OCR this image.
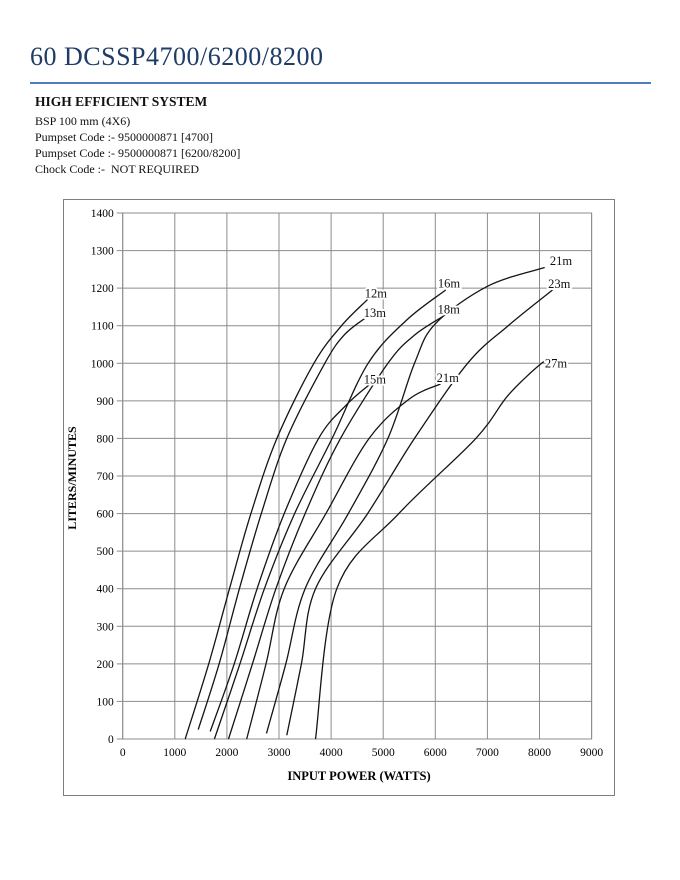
60 DCSSP4700/6200/8200
HIGH EFFICIENT SYSTEM
BSP 100 mm (4X6)
Pumpset Code :- 9500000871 [4700]
Pumpset Code :- 9500000871 [6200/8200]
Chock Code :-  NOT REQUIRED
0
100
200
300
400
500
600
700
800
900
1000
1100
1200
1300
1400
0	1000	2000	3000	4000	5000	6000	7000	8000	9000
12m
13m
15m
16m
18m
21m
21m
23m
27m
LITERS/MINUTES
INPUT POWER (WATTS)
